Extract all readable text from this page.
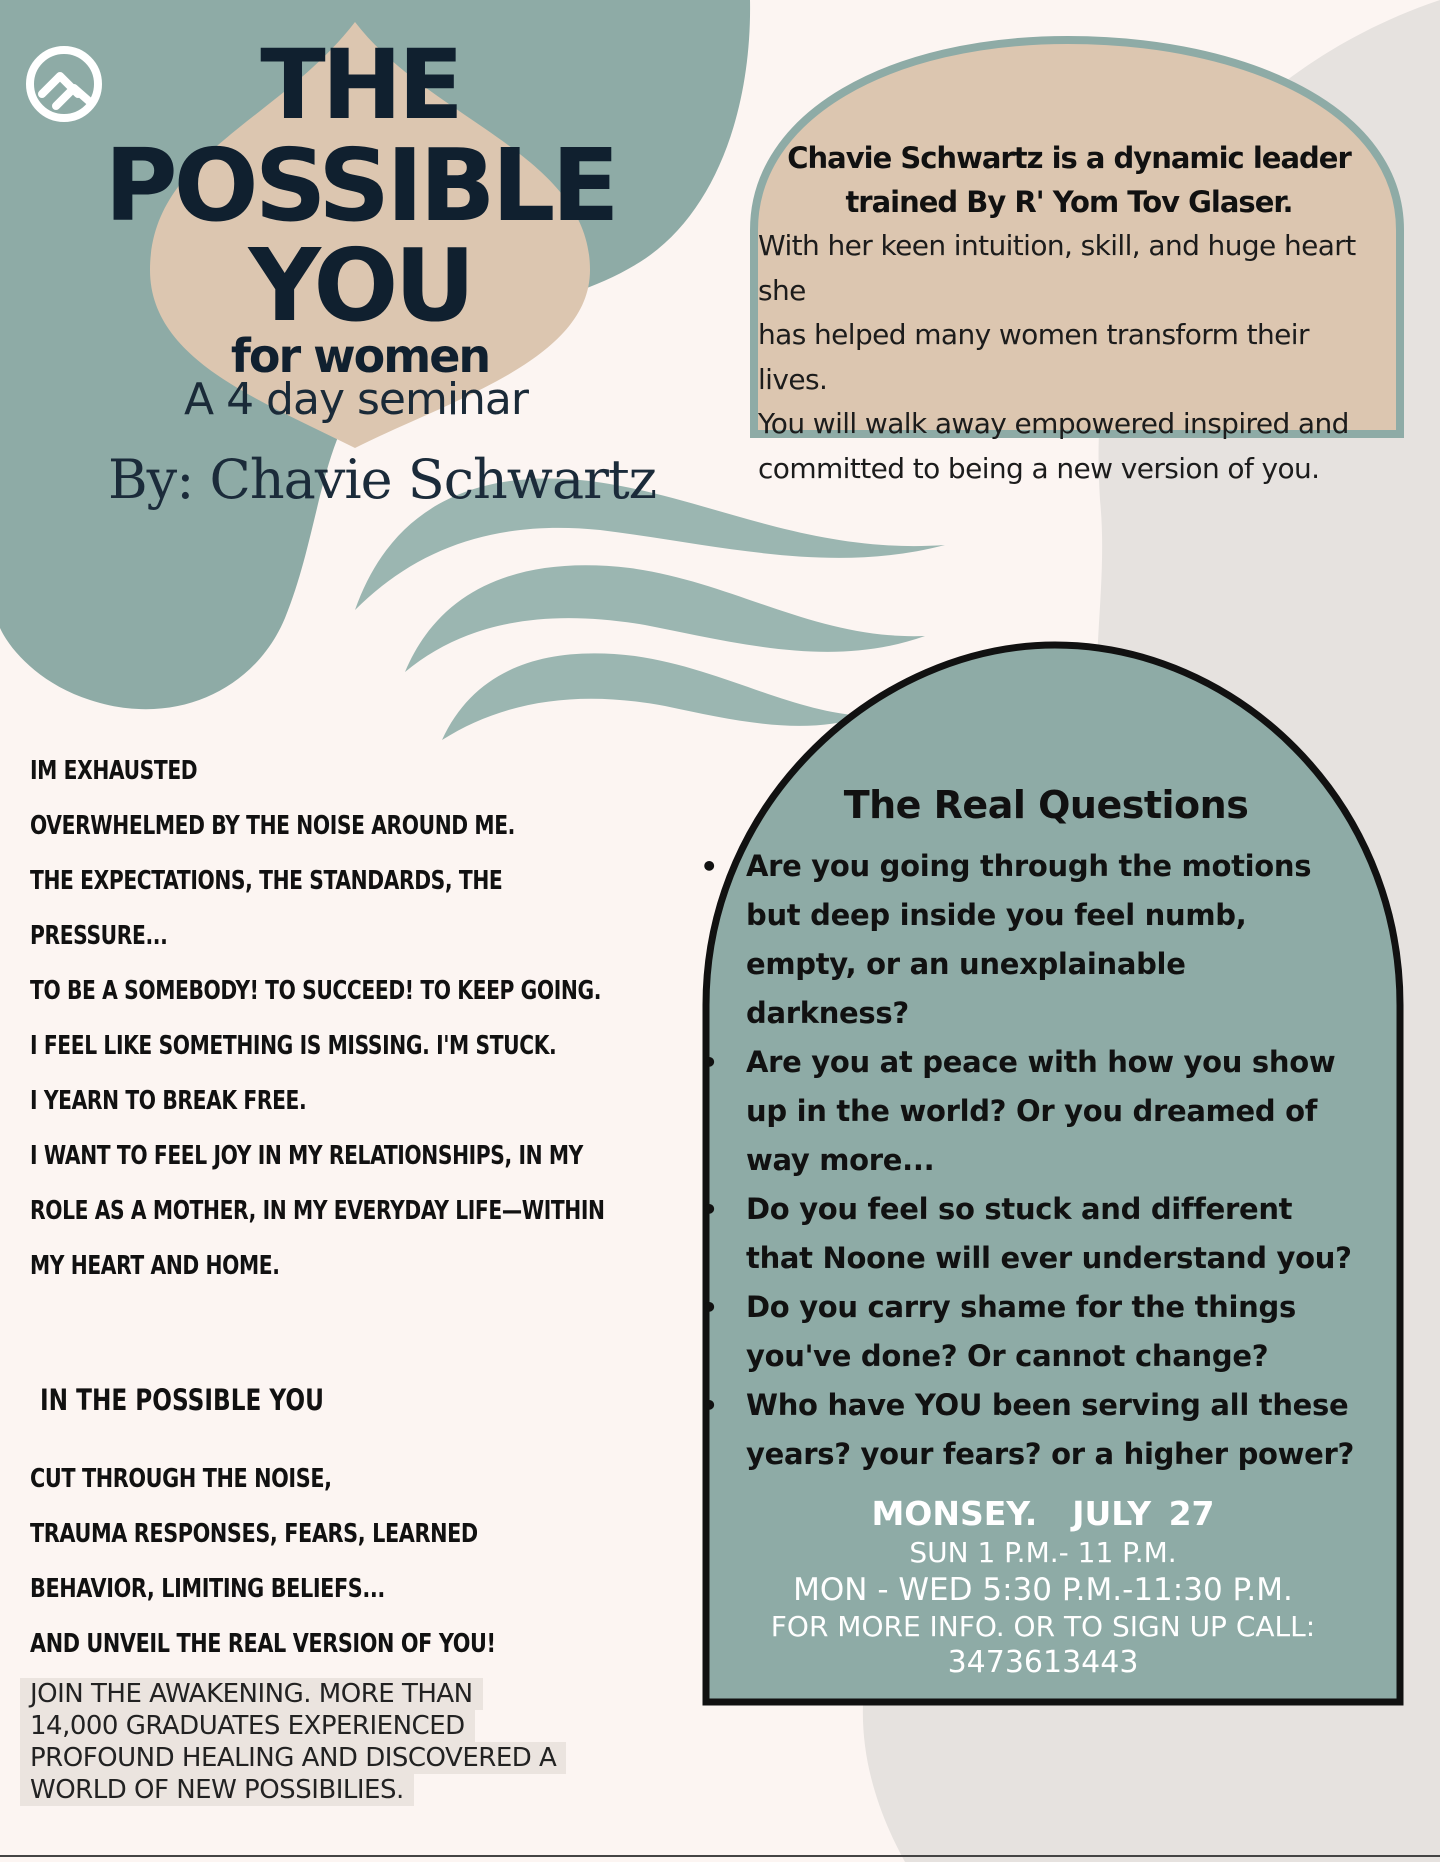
THE
POSSIBLE
YOU
for women
A 4 day seminar
By: Chavie Schwartz
Chavie Schwartz is a dynamic leader
trained By R' Yom Tov Glaser.
With her keen intuition, skill, and huge heart she
has helped many women transform their lives.
You will walk away empowered inspired and
committed to being a new version of you.
IM EXHAUSTED
OVERWHELMED BY THE NOISE AROUND ME.
THE EXPECTATIONS, THE STANDARDS, THE
PRESSURE...
TO BE A SOMEBODY! TO SUCCEED! TO KEEP GOING.
I FEEL LIKE SOMETHING IS MISSING. I'M STUCK.
I YEARN TO BREAK FREE.
I WANT TO FEEL JOY IN MY RELATIONSHIPS, IN MY
ROLE AS A MOTHER, IN MY EVERYDAY LIFE—WITHIN
MY HEART AND HOME.
IN THE POSSIBLE YOU
CUT THROUGH THE NOISE,
TRAUMA RESPONSES, FEARS, LEARNED
BEHAVIOR, LIMITING BELIEFS...
AND UNVEIL THE REAL VERSION OF YOU!
JOIN THE AWAKENING. MORE THAN
14,000 GRADUATES EXPERIENCED
PROFOUND HEALING AND DISCOVERED A
WORLD OF NEW POSSIBILIES.
The Real Questions
• Are you going through the motions
but deep inside you feel numb,
empty, or an unexplainable
darkness?
• Are you at peace with how you show
up in the world? Or you dreamed of
way more...
• Do you feel so stuck and different
that Noone will ever understand you?
• Do you carry shame for the things
you've done? Or cannot change?
• Who have YOU been serving all these
years? your fears? or a higher power?
MONSEY.  JULY 27
SUN 1 P.M.- 11 P.M.
MON - WED 5:30 P.M.-11:30 P.M.
FOR MORE INFO. OR TO SIGN UP CALL:
3473613443
